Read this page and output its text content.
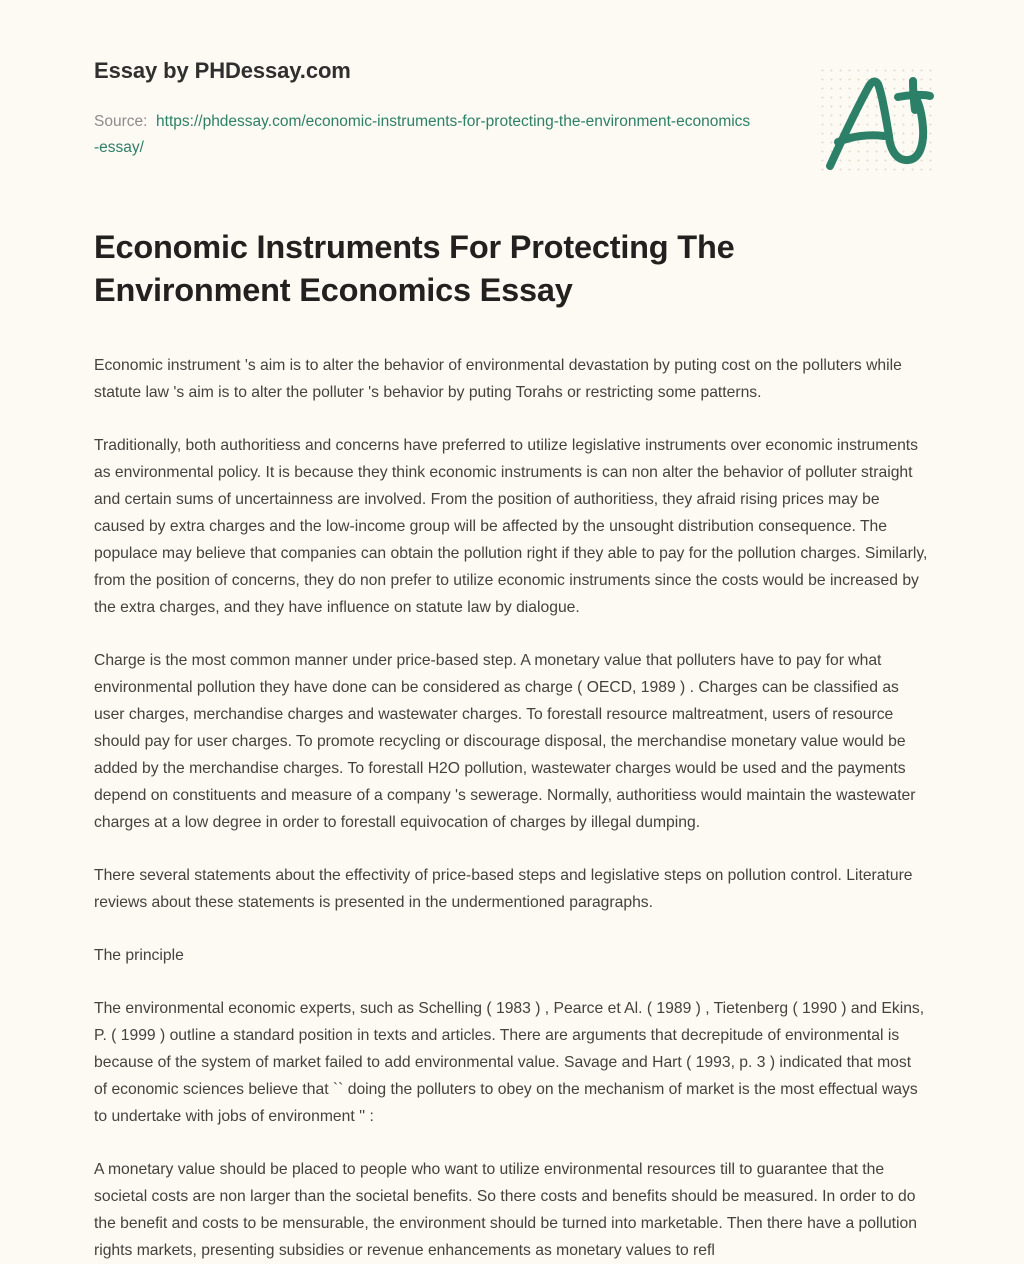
Essay by PHDessay.com
Source: https://phdessay.com/economic-instruments-for-protecting-the-environment-economics-essay/
Economic Instruments For Protecting The Environment Economics Essay

Economic instrument 's aim is to alter the behavior of environmental devastation by puting cost on the polluters while statute law 's aim is to alter the polluter 's behavior by puting Torahs or restricting some patterns.

Traditionally, both authoritiess and concerns have preferred to utilize legislative instruments over economic instruments as environmental policy. It is because they think economic instruments is can non alter the behavior of polluter straight and certain sums of uncertainness are involved. From the position of authoritiess, they afraid rising prices may be caused by extra charges and the low-income group will be affected by the unsought distribution consequence. The populace may believe that companies can obtain the pollution right if they able to pay for the pollution charges. Similarly, from the position of concerns, they do non prefer to utilize economic instruments since the costs would be increased by the extra charges, and they have influence on statute law by dialogue.

Charge is the most common manner under price-based step. A monetary value that polluters have to pay for what environmental pollution they have done can be considered as charge ( OECD, 1989 ) . Charges can be classified as user charges, merchandise charges and wastewater charges. To forestall resource maltreatment, users of resource should pay for user charges. To promote recycling or discourage disposal, the merchandise monetary value would be added by the merchandise charges. To forestall H2O pollution, wastewater charges would be used and the payments depend on constituents and measure of a company 's sewerage. Normally, authoritiess would maintain the wastewater charges at a low degree in order to forestall equivocation of charges by illegal dumping.

There several statements about the effectivity of price-based steps and legislative steps on pollution control. Literature reviews about these statements is presented in the undermentioned paragraphs.

The principle

The environmental economic experts, such as Schelling ( 1983 ) , Pearce et Al. ( 1989 ) , Tietenberg ( 1990 ) and Ekins, P. ( 1999 ) outline a standard position in texts and articles. There are arguments that decrepitude of environmental is because of the system of market failed to add environmental value. Savage and Hart ( 1993, p. 3 ) indicated that most of economic sciences believe that `` doing the polluters to obey on the mechanism of market is the most effectual ways to undertake with jobs of environment '' :

A monetary value should be placed to people who want to utilize environmental resources till to guarantee that the societal costs are non larger than the societal benefits. So there costs and benefits should be measured. In order to do the benefit and costs to be mensurable, the environment should be turned into marketable. Then there have a pollution rights markets, presenting subsidies or revenue enhancements as monetary values to refl
